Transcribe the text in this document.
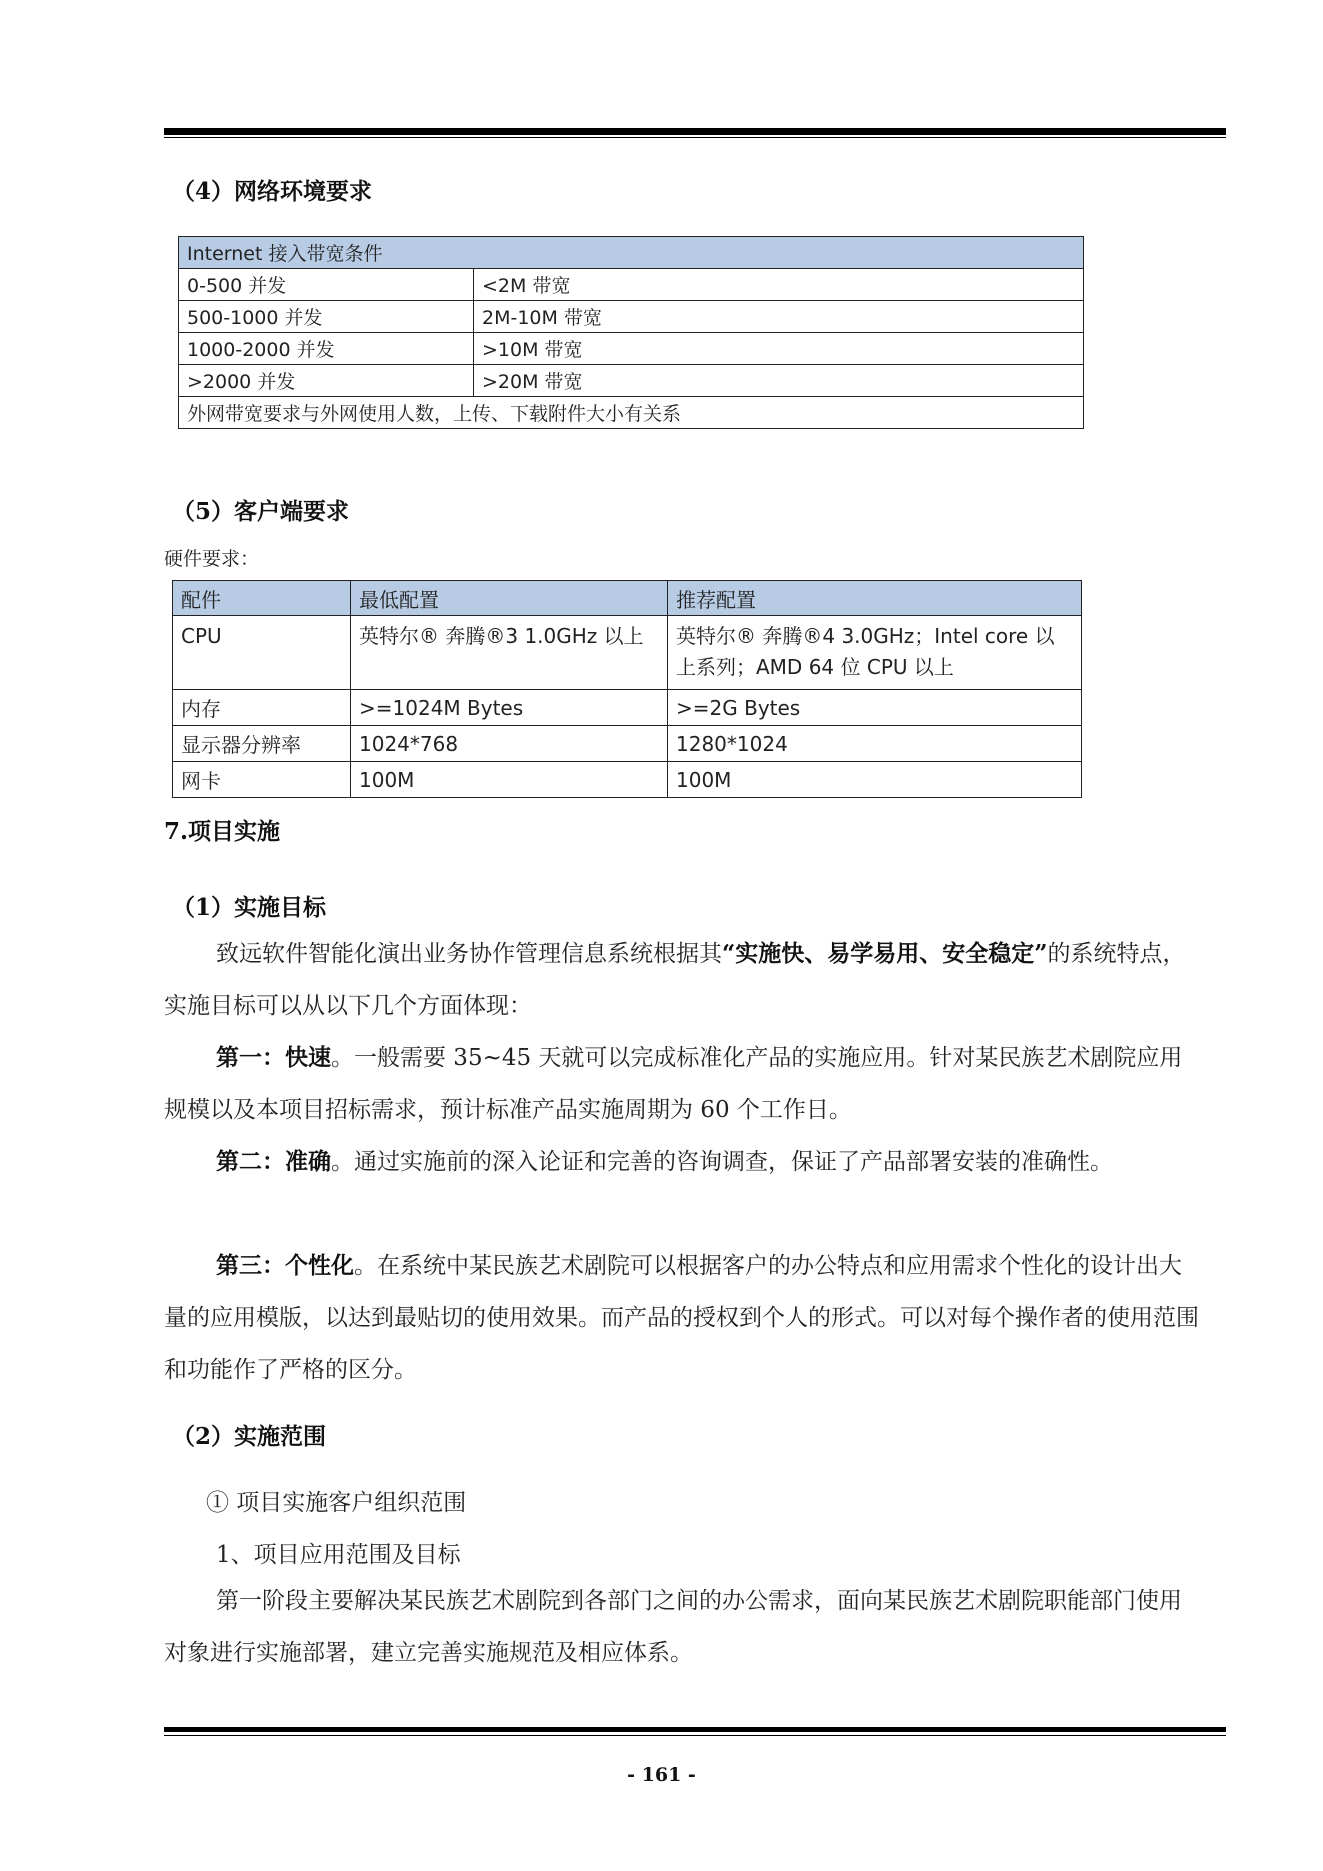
（4）网络环境要求
Internet 接入带宽条件	
0-500 并发	<2M 带宽
500-1000 并发	2M-10M 带宽
1000-2000 并发	>10M 带宽
>2000 并发	>20M 带宽
外网带宽要求与外网使用人数，上传、下载附件大小有关系	
（5）客户端要求
硬件要求：
配件	最低配置	推荐配置
CPU	英特尔® 奔腾®3 1.0GHz 以上	英特尔® 奔腾®4 3.0GHz；Intel core 以上系列；AMD 64 位 CPU 以上
内存	>=1024M Bytes	>=2G Bytes
显示器分辨率	1024*768	1280*1024
网卡	100M	100M
7.项目实施
（1）实施目标

致远软件智能化演出业务协作管理信息系统根据其“实施快、易学易用、安全稳定”的系统特点，实施目标可以从以下几个方面体现：

第一：快速。一般需要 35~45 天就可以完成标准化产品的实施应用。针对某民族艺术剧院应用规模以及本项目招标需求，预计标准产品实施周期为 60 个工作日。

第二：准确。通过实施前的深入论证和完善的咨询调查，保证了产品部署安装的准确性。

第三：个性化。在系统中某民族艺术剧院可以根据客户的办公特点和应用需求个性化的设计出大量的应用模版，以达到最贴切的使用效果。而产品的授权到个人的形式。可以对每个操作者的使用范围和功能作了严格的区分。

（2）实施范围
① 项目实施客户组织范围
1、项目应用范围及目标

第一阶段主要解决某民族艺术剧院到各部门之间的办公需求，面向某民族艺术剧院职能部门使用对象进行实施部署，建立完善实施规范及相应体系。

- 161 -
